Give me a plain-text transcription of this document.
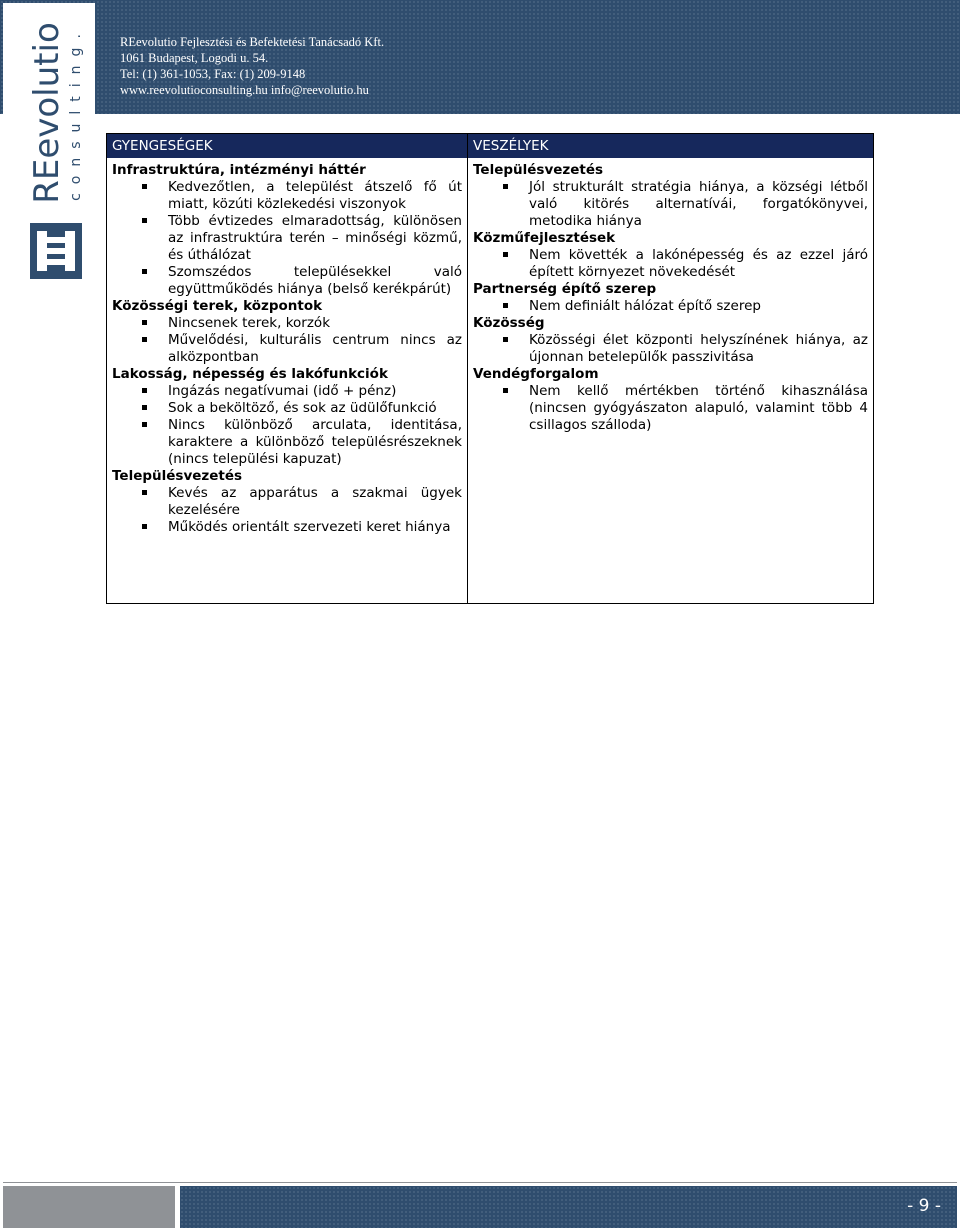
REevolutio Fejlesztési és Befektetési Tanácsadó Kft.
1061 Budapest, Logodi u. 54.
Tel: (1) 361-1053, Fax: (1) 209-9148
www.reevolutioconsulting.hu info@reevolutio.hu
REevolutio consulting.	GYENGESÉGEK
Infrastruktúra, intézményi háttér
Kedvezőtlen, a települést átszelő fő út miatt, közúti közlekedési viszonyok
Több évtizedes elmaradottság, különösen az infrastruktúra terén – minőségi közmű, és úthálózat
Szomszédos településekkel való együttműködés hiánya (belső kerékpárút)
Közösségi terek, központok
Nincsenek terek, korzók
Művelődési, kulturális centrum nincs az alközpontban
Lakosság, népesség és lakófunkciók
Ingázás negatívumai (idő + pénz)
Sok a beköltöző, és sok az üdülőfunkció
Nincs különböző arculata, identitása, karaktere a különböző településrészeknek (nincs települési kapuzat)
Településvezetés
Kevés az apparátus a szakmai ügyek kezelésére
Működés orientált szervezeti keret hiánya
VESZÉLYEK
Településvezetés
Jól strukturált stratégia hiánya, a községi létből való kitörés alternatívái, forgatókönyvei, metodika hiánya
Közműfejlesztések
Nem követték a lakónépesség és az ezzel járó épített környezet növekedését
Partnerség építő szerep
Nem definiált hálózat építő szerep
Közösség
Közösségi élet központi helyszínének hiánya, az újonnan betelepülők passzivitása
Vendégforgalom
Nem kellő mértékben történő kihasználása (nincsen gyógyászaton alapuló, valamint több 4 csillagos szálloda)
- 9 -
